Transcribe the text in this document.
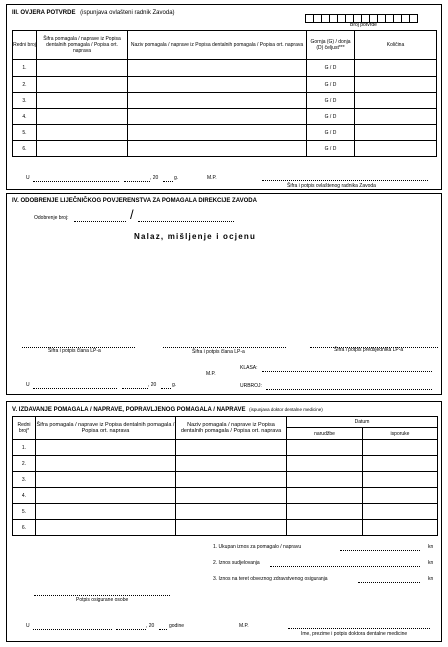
III. OVJERA POTVRDE (ispunjava ovlašteni radnik Zavoda)
Broj potvrde
Redni broj	Šifra pomagala / naprave iz Popisa dentalnih pomagala / Popisa ort. naprava	Naziv pomagala / naprave iz Popisa dentalnih pomagala / Popisa ort. naprava	Gornja (G) / donja (D) čeljust***	Količina
1.			G / D	
2.			G / D	
3.			G / D	
4.			G / D	
5.			G / D	
6.			G / D	
U	, 20	g.	M.P.
Šifra i potpis ovlaštenog radnika Zavoda
IV. ODOBRENJE LIJEČNIČKOG POVJERENSTVA ZA POMAGALA DIREKCIJE ZAVODA
Odobrenje broj:	/
Nalaz, mišljenje i ocjenu
Šifra i potpis člana LP-a	Šifra i potpis člana LP-a	Šifra i potpis predsjednika LP-a
M.P.
KLASA:
URBROJ:
U	, 20	g.
V. IZDAVANJE POMAGALA / NAPRAVE, POPRAVLJENOG POMAGALA / NAPRAVE (ispunjava doktor dentalne medicine)
Redni broj*	Šifra pomagala / naprave iz Popisa dentalnih pomagala / Popisa ort. naprava	Naziv pomagala / naprave iz Popisa dentalnih pomagala / Popisa ort. naprava	Datum	
			narudžbe	isporuke
1.				
2.				
3.				
4.				
5.				
6.				
1. Ukupan iznos za pomagalo / napravu	kn
2. Iznos sudjelovanja	kn
3. Iznos na teret obveznog zdravstvenog osiguranja	kn
Potpis osigurane osobe
U	, 20	godine	M.P.
Ime, prezime i potpis doktora dentalne medicine
